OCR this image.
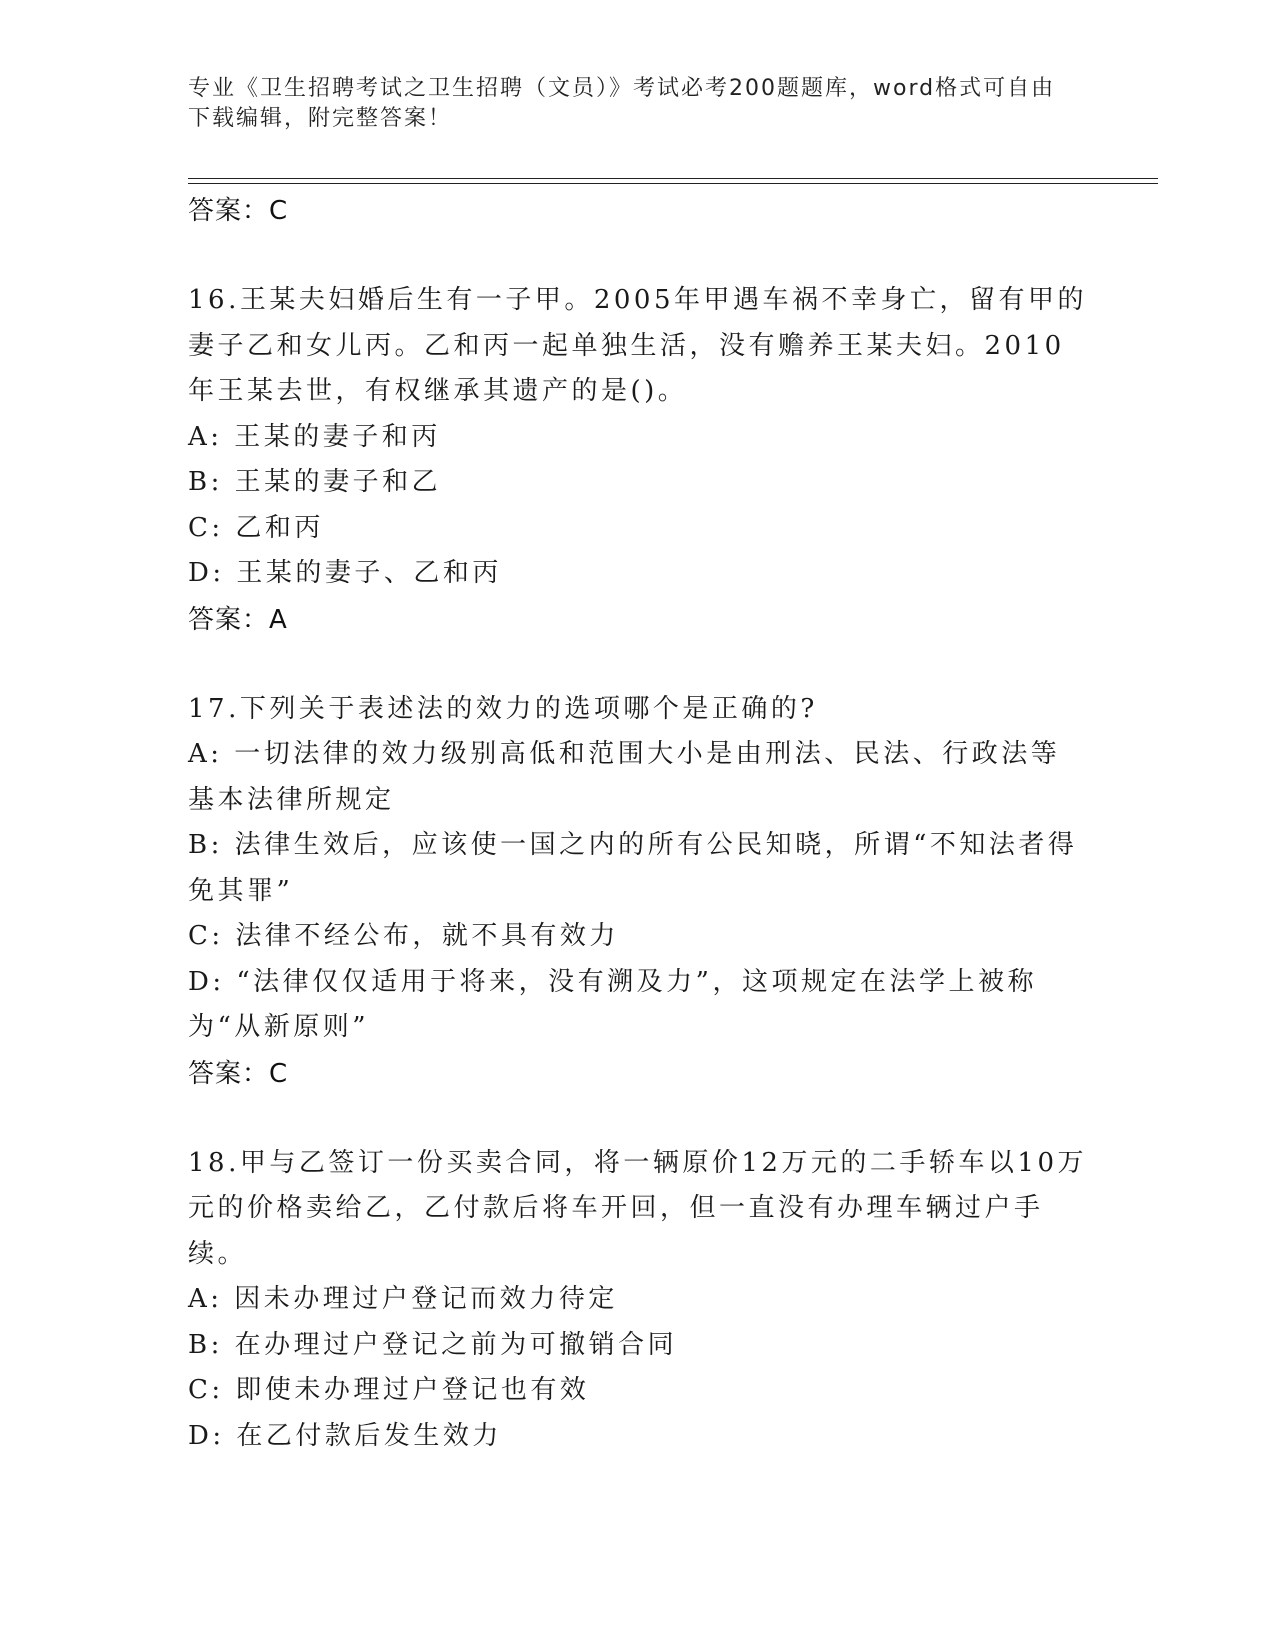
专业《卫生招聘考试之卫生招聘（文员）》考试必考200题题库，word格式可自由下载编辑，附完整答案！
答案：C

16.王某夫妇婚后生有一子甲。2005年甲遇车祸不幸身亡，留有甲的妻子乙和女儿丙。乙和丙一起单独生活，没有赡养王某夫妇。2010年王某去世，有权继承其遗产的是()。

A: 王某的妻子和丙

B: 王某的妻子和乙

C: 乙和丙

D: 王某的妻子、乙和丙

答案：A

17.下列关于表述法的效力的选项哪个是正确的?

A: 一切法律的效力级别高低和范围大小是由刑法、民法、行政法等基本法律所规定

B: 法律生效后，应该使一国之内的所有公民知晓，所谓“不知法者得免其罪”

C: 法律不经公布，就不具有效力

D: “法律仅仅适用于将来，没有溯及力”，这项规定在法学上被称为“从新原则”

答案：C

18.甲与乙签订一份买卖合同，将一辆原价12万元的二手轿车以10万元的价格卖给乙，乙付款后将车开回，但一直没有办理车辆过户手续。

A: 因未办理过户登记而效力待定

B: 在办理过户登记之前为可撤销合同

C: 即使未办理过户登记也有效

D: 在乙付款后发生效力
